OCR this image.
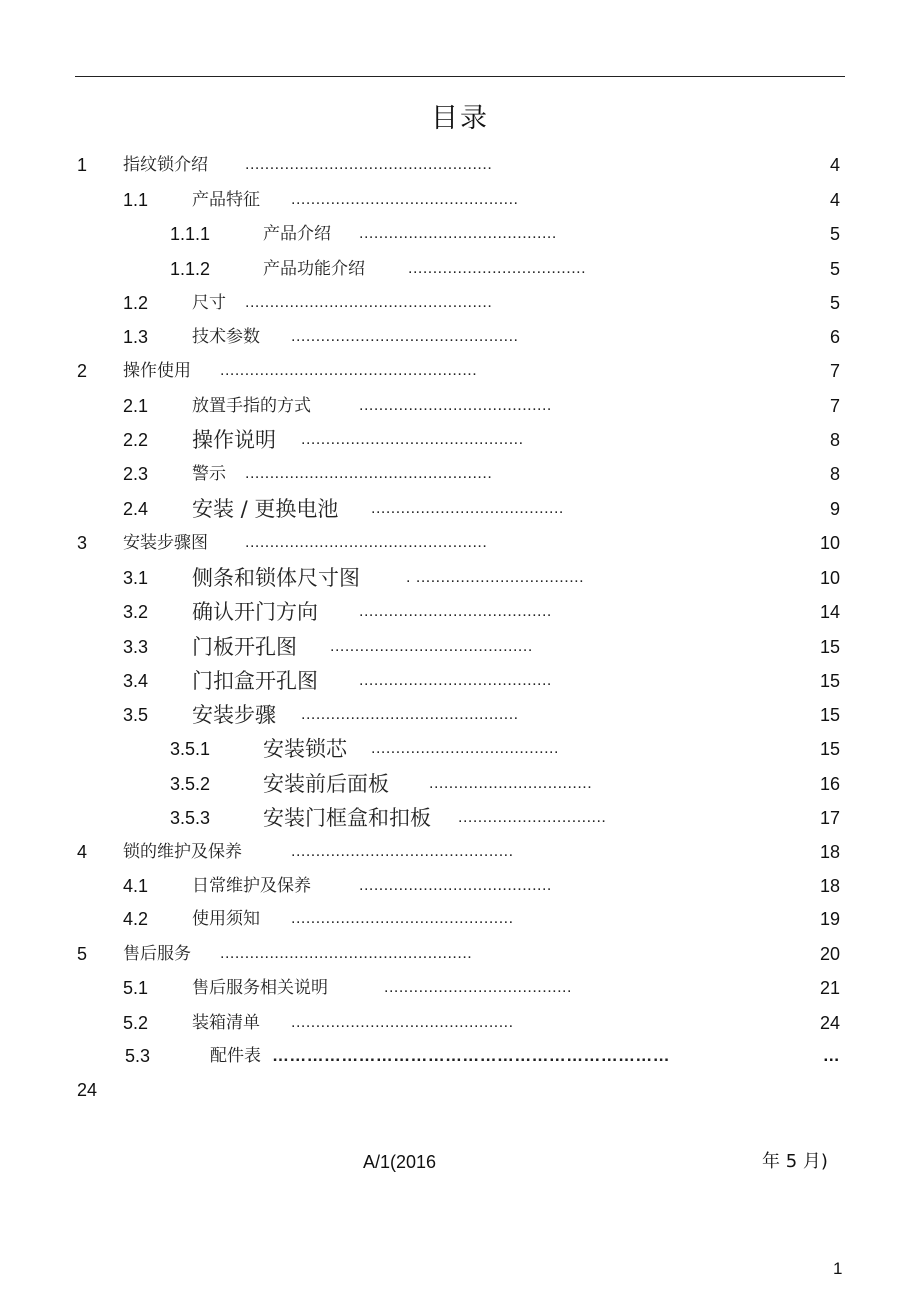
目录
1 指纹锁介绍 ..................................................	4
1.1	产品特征 ..............................................	4
1.1.1	产品介绍 ........................................	5
1.1.2	产品功能介绍	....................................	5
1.2	尺寸 ..................................................	5
1.3	技术参数 ..............................................	6
2 操作使用 ....................................................	7
2.1	放置手指的方式	.......................................	7
2.2 操作说明 .............................................	8
2.3	警示 ..................................................	8
2.4 安装 / 更换电池 .......................................	9
3 安装步骤图 .................................................	10
3.1 侧条和锁体尺寸图	. ..................................	10
3.2 确认开门方向	.......................................	14
3.3 门板开孔图 .........................................	15
3.4 门扣盒开孔图	.......................................	15
3.5 安装步骤 ............................................	15
3.5.1	安装锁芯 ......................................	15
3.5.2	安装前后面板	.................................	16
3.5.3	安装门框盒和扣板 ..............................	17
4 锁的维护及保养	.............................................	18
4.1	日常维护及保养	.......................................	18
4.2	使用须知 .............................................	19
5 售后服务 ...................................................	20
5.1	售后服务相关说明	......................................	21
5.2	装箱清单 .............................................	24
5.3	配件表 ……………………………………………………………	…
24
A/1(2016	年 5 月)
1
